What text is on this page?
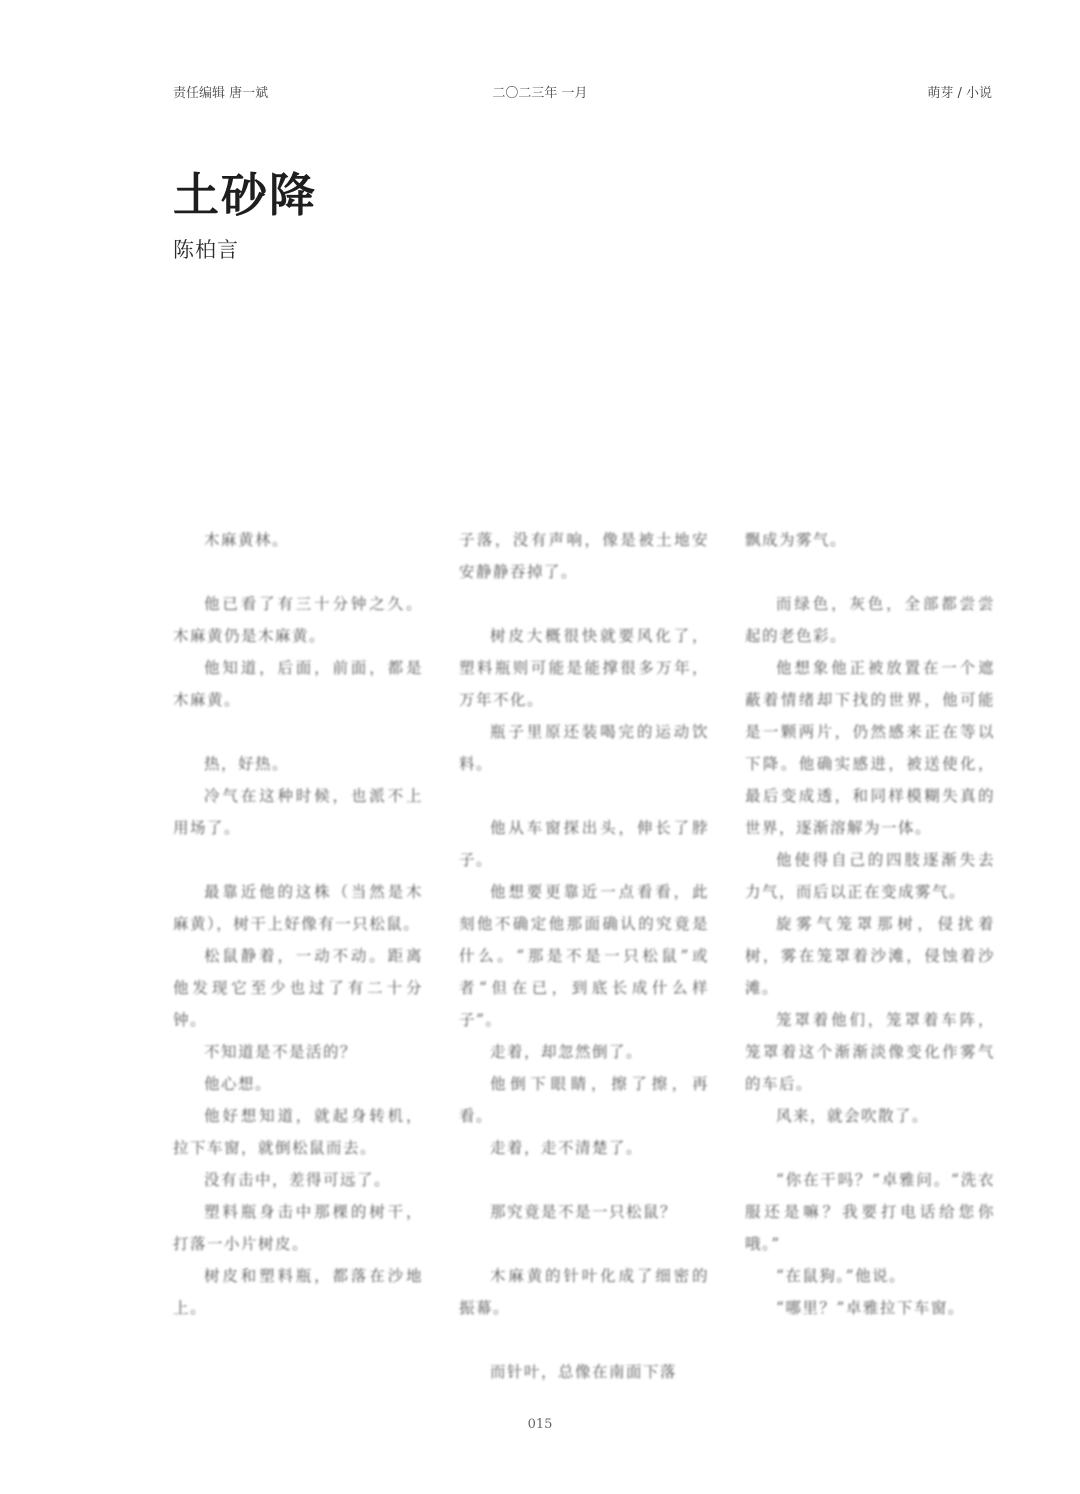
责任编辑 唐一斌	二〇二三年 一月	萌芽 / 小说
土砂降
陈柏言

木麻黄林。

他已看了有三十分钟之久。木麻黄仍是木麻黄。

他知道，后面，前面，都是木麻黄。

热，好热。

冷气在这种时候，也派不上用场了。

最靠近他的这株（当然是木麻黄），树干上好像有一只松鼠。

松鼠静着，一动不动。距离他发现它至少也过了有二十分钟。

不知道是不是活的？

他心想。

他好想知道，就起身转机，拉下车窗，就倒松鼠而去。

没有击中，差得可远了。

塑料瓶身击中那棵的树干，打落一小片树皮。

树皮和塑料瓶，都落在沙地上。

子落，没有声响，像是被土地安安静静吞掉了。

树皮大概很快就要风化了，塑料瓶则可能是能撑很多万年，万年不化。

瓶子里原还装喝完的运动饮料。

他从车窗探出头，伸长了脖子。

他想要更靠近一点看看，此刻他不确定他那面确认的究竟是什么。“那是不是一只松鼠”或者“但在已，到底长成什么样子”。

走着，却忽然倒了。

他倒下眼睛，擦了擦，再看。

走着，走不清楚了。

那究竟是不是一只松鼠？

木麻黄的针叶化成了细密的振幕。

而针叶，总像在南面下落

飘成为雾气。

而绿色，灰色，全部都尝尝起的老色彩。

他想象他正被放置在一个遮蔽着情绪却下找的世界，他可能是一颗两片，仍然感来正在等以下降。他确实感进，被送使化，最后变成透，和同样模糊失真的世界，逐渐溶解为一体。

他使得自己的四肢逐渐失去力气，而后以正在变成雾气。

旋雾气笼罩那树，侵扰着树，雾在笼罩着沙滩，侵蚀着沙滩。

笼罩着他们，笼罩着车阵，笼罩着这个渐渐淡像变化作雾气的车后。

风来，就会吹散了。

“你在干吗？”卓雅问。“洗衣服还是嘛？我要打电话给您你哦。”

“在鼠狗。”他说。

“哪里？”卓雅拉下车窗。

015
